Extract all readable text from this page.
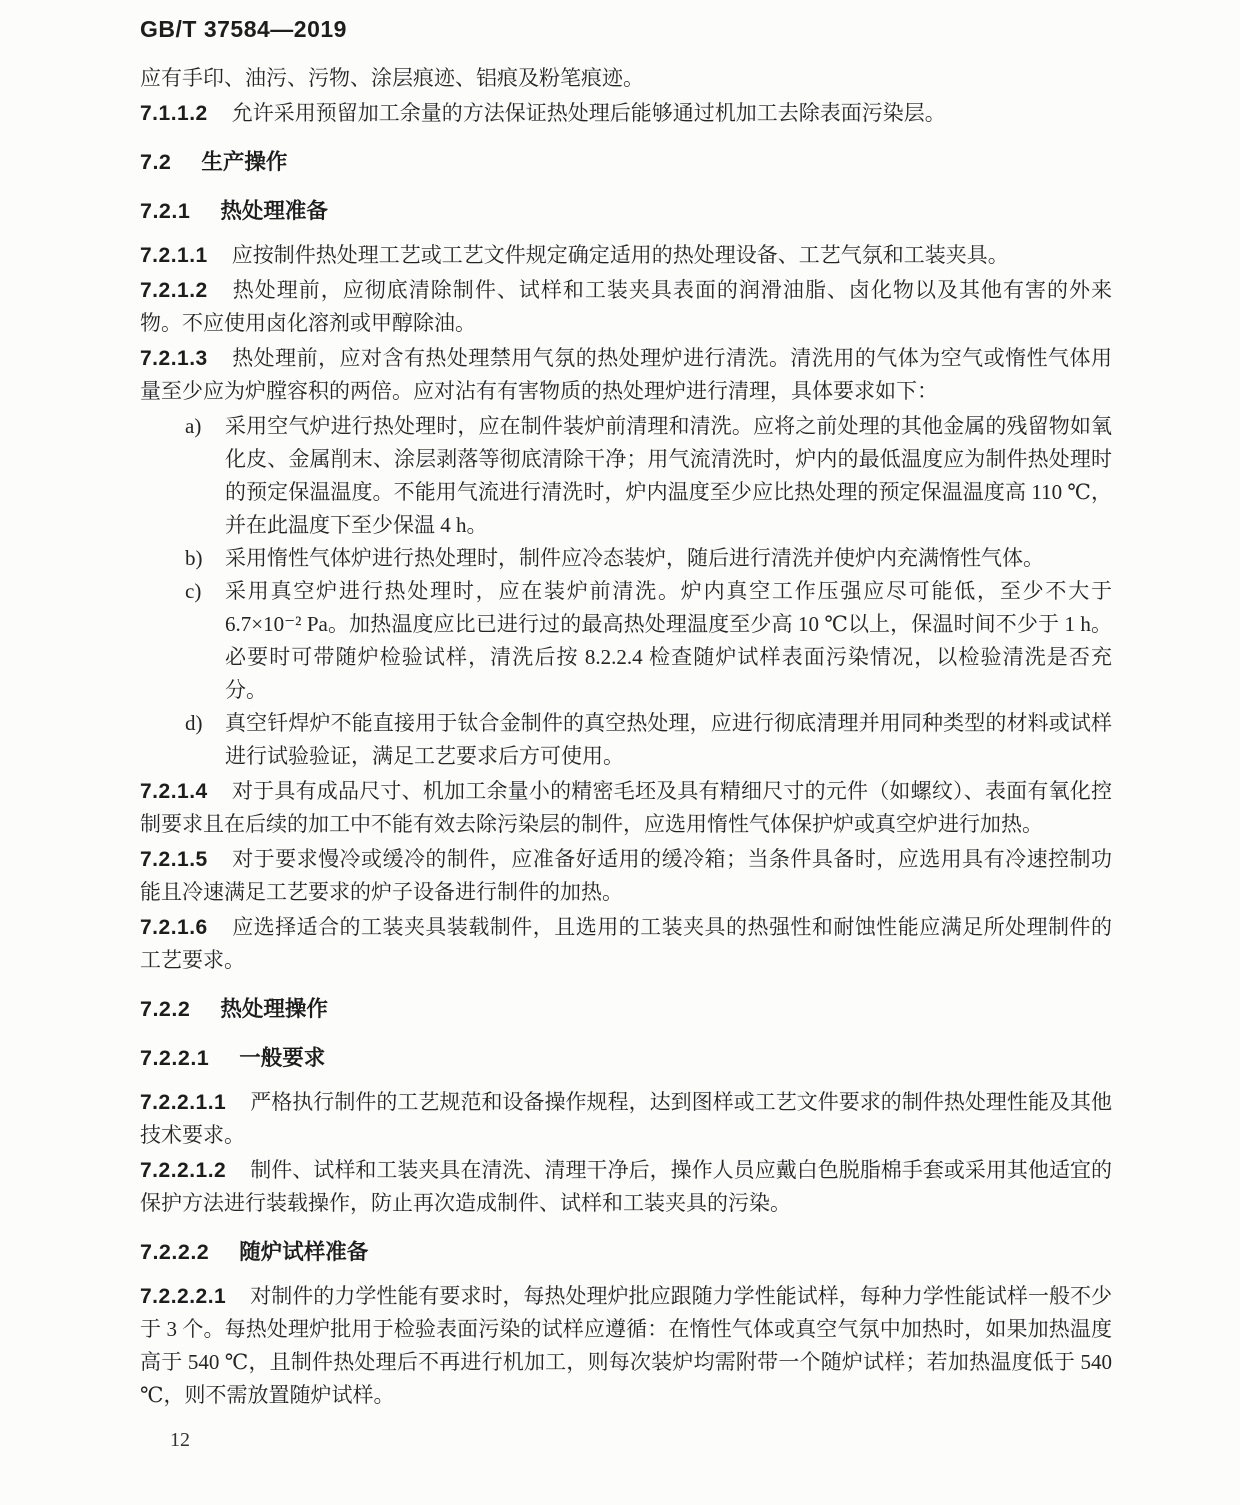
GB/T 37584—2019

应有手印、油污、污物、涂层痕迹、铝痕及粉笔痕迹。

7.1.1.2 允许采用预留加工余量的方法保证热处理后能够通过机加工去除表面污染层。

7.2 生产操作
7.2.1 热处理准备

7.2.1.1 应按制件热处理工艺或工艺文件规定确定适用的热处理设备、工艺气氛和工装夹具。

7.2.1.2 热处理前，应彻底清除制件、试样和工装夹具表面的润滑油脂、卤化物以及其他有害的外来物。不应使用卤化溶剂或甲醇除油。

7.2.1.3 热处理前，应对含有热处理禁用气氛的热处理炉进行清洗。清洗用的气体为空气或惰性气体用量至少应为炉膛容积的两倍。应对沾有有害物质的热处理炉进行清理，具体要求如下：

a) 采用空气炉进行热处理时，应在制件装炉前清理和清洗。应将之前处理的其他金属的残留物如氧化皮、金属削末、涂层剥落等彻底清除干净；用气流清洗时，炉内的最低温度应为制件热处理时的预定保温温度。不能用气流进行清洗时，炉内温度至少应比热处理的预定保温温度高 110 ℃，并在此温度下至少保温 4 h。
b) 采用惰性气体炉进行热处理时，制件应冷态装炉，随后进行清洗并使炉内充满惰性气体。
c) 采用真空炉进行热处理时，应在装炉前清洗。炉内真空工作压强应尽可能低，至少不大于 6.7×10⁻² Pa。加热温度应比已进行过的最高热处理温度至少高 10 ℃以上，保温时间不少于 1 h。必要时可带随炉检验试样，清洗后按 8.2.2.4 检查随炉试样表面污染情况，以检验清洗是否充分。
d) 真空钎焊炉不能直接用于钛合金制件的真空热处理，应进行彻底清理并用同种类型的材料或试样进行试验验证，满足工艺要求后方可使用。

7.2.1.4 对于具有成品尺寸、机加工余量小的精密毛坯及具有精细尺寸的元件（如螺纹）、表面有氧化控制要求且在后续的加工中不能有效去除污染层的制件，应选用惰性气体保护炉或真空炉进行加热。

7.2.1.5 对于要求慢冷或缓冷的制件，应准备好适用的缓冷箱；当条件具备时，应选用具有冷速控制功能且冷速满足工艺要求的炉子设备进行制件的加热。

7.2.1.6 应选择适合的工装夹具装载制件，且选用的工装夹具的热强性和耐蚀性能应满足所处理制件的工艺要求。

7.2.2 热处理操作
7.2.2.1 一般要求

7.2.2.1.1 严格执行制件的工艺规范和设备操作规程，达到图样或工艺文件要求的制件热处理性能及其他技术要求。

7.2.2.1.2 制件、试样和工装夹具在清洗、清理干净后，操作人员应戴白色脱脂棉手套或采用其他适宜的保护方法进行装载操作，防止再次造成制件、试样和工装夹具的污染。

7.2.2.2 随炉试样准备

7.2.2.2.1 对制件的力学性能有要求时，每热处理炉批应跟随力学性能试样，每种力学性能试样一般不少于 3 个。每热处理炉批用于检验表面污染的试样应遵循：在惰性气体或真空气氛中加热时，如果加热温度高于 540 ℃，且制件热处理后不再进行机加工，则每次装炉均需附带一个随炉试样；若加热温度低于 540 ℃，则不需放置随炉试样。

12
